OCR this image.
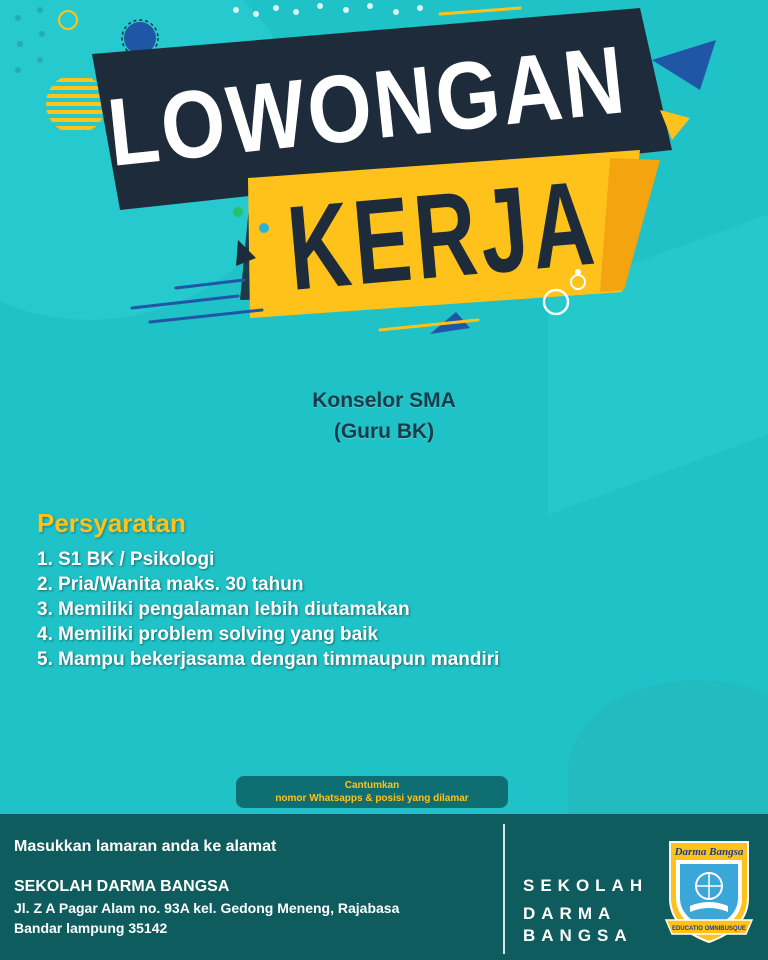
LOWONGAN
KERJA
Konselor SMA
(Guru BK)
Persyaratan
1. S1 BK / Psikologi
2. Pria/Wanita maks. 30 tahun
3. Memiliki pengalaman lebih diutamakan
4. Memiliki problem solving yang baik
5. Mampu bekerjasama dengan timmaupun mandiri
Cantumkan
nomor Whatsapps & posisi yang dilamar
Masukkan lamaran anda ke alamat
SEKOLAH DARMA BANGSA
Jl. Z A Pagar Alam no. 93A kel. Gedong Meneng, Rajabasa
Bandar lampung 35142
SEKOLAH
DARMA
BANGSA
Darma Bangsa
EDUCATIO OMNIBUSQUE
